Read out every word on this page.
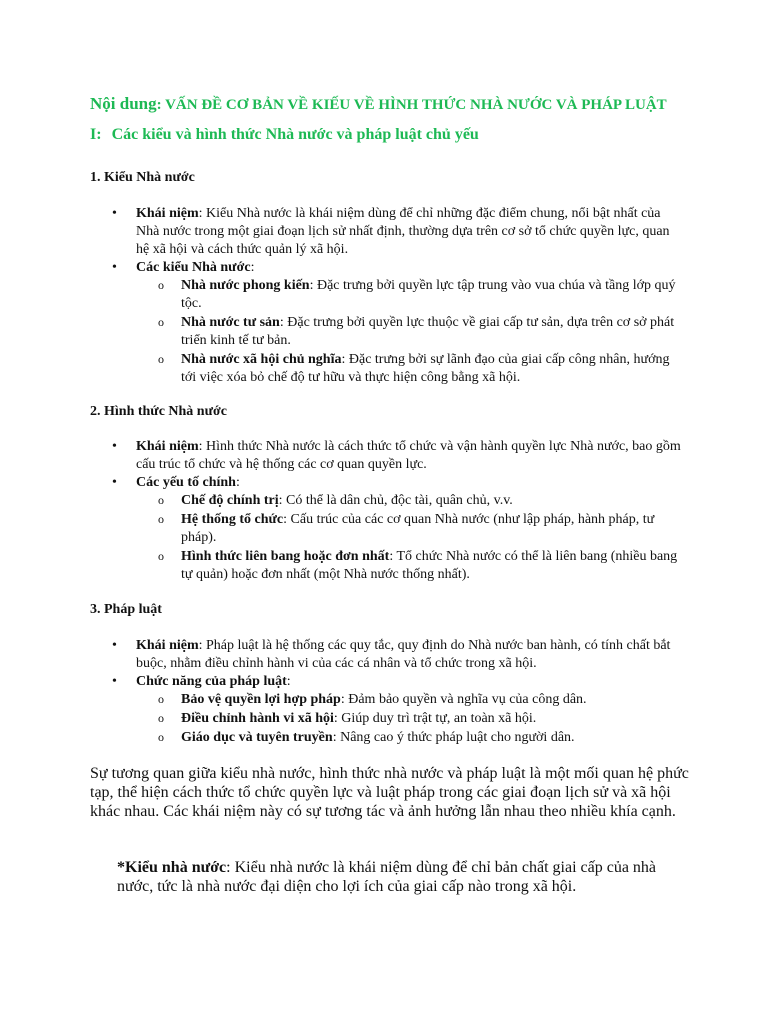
Nội dung: VẤN ĐỀ CƠ BẢN VỀ KIẾU VỀ HÌNH THỨC NHÀ NƯỚC VÀ PHÁP LUẬT
I: Các kiểu và hình thức Nhà nước và pháp luật chủ yếu
1. Kiểu Nhà nước
• Khái niệm: Kiểu Nhà nước là khái niệm dùng để chỉ những đặc điểm chung, nổi bật nhất của Nhà nước trong một giai đoạn lịch sử nhất định, thường dựa trên cơ sở tổ chức quyền lực, quan hệ xã hội và cách thức quản lý xã hội.
• Các kiểu Nhà nước:
o Nhà nước phong kiến: Đặc trưng bởi quyền lực tập trung vào vua chúa và tầng lớp quý tộc.
o Nhà nước tư sản: Đặc trưng bởi quyền lực thuộc về giai cấp tư sản, dựa trên cơ sở phát triển kinh tế tư bản.
o Nhà nước xã hội chủ nghĩa: Đặc trưng bởi sự lãnh đạo của giai cấp công nhân, hướng tới việc xóa bỏ chế độ tư hữu và thực hiện công bằng xã hội.
2. Hình thức Nhà nước
• Khái niệm: Hình thức Nhà nước là cách thức tổ chức và vận hành quyền lực Nhà nước, bao gồm cấu trúc tổ chức và hệ thống các cơ quan quyền lực.
• Các yếu tố chính:
o Chế độ chính trị: Có thể là dân chủ, độc tài, quân chủ, v.v.
o Hệ thống tổ chức: Cấu trúc của các cơ quan Nhà nước (như lập pháp, hành pháp, tư pháp).
o Hình thức liên bang hoặc đơn nhất: Tổ chức Nhà nước có thể là liên bang (nhiều bang tự quản) hoặc đơn nhất (một Nhà nước thống nhất).
3. Pháp luật
• Khái niệm: Pháp luật là hệ thống các quy tắc, quy định do Nhà nước ban hành, có tính chất bắt buộc, nhằm điều chỉnh hành vi của các cá nhân và tổ chức trong xã hội.
• Chức năng của pháp luật:
o Bảo vệ quyền lợi hợp pháp: Đảm bảo quyền và nghĩa vụ của công dân.
o Điều chỉnh hành vi xã hội: Giúp duy trì trật tự, an toàn xã hội.
o Giáo dục và tuyên truyền: Nâng cao ý thức pháp luật cho người dân.

Sự tương quan giữa kiểu nhà nước, hình thức nhà nước và pháp luật là một mối quan hệ phức tạp, thể hiện cách thức tổ chức quyền lực và luật pháp trong các giai đoạn lịch sử và xã hội khác nhau. Các khái niệm này có sự tương tác và ảnh hưởng lẫn nhau theo nhiều khía cạnh.

*Kiểu nhà nước: Kiểu nhà nước là khái niệm dùng để chỉ bản chất giai cấp của nhà nước, tức là nhà nước đại diện cho lợi ích của giai cấp nào trong xã hội.
